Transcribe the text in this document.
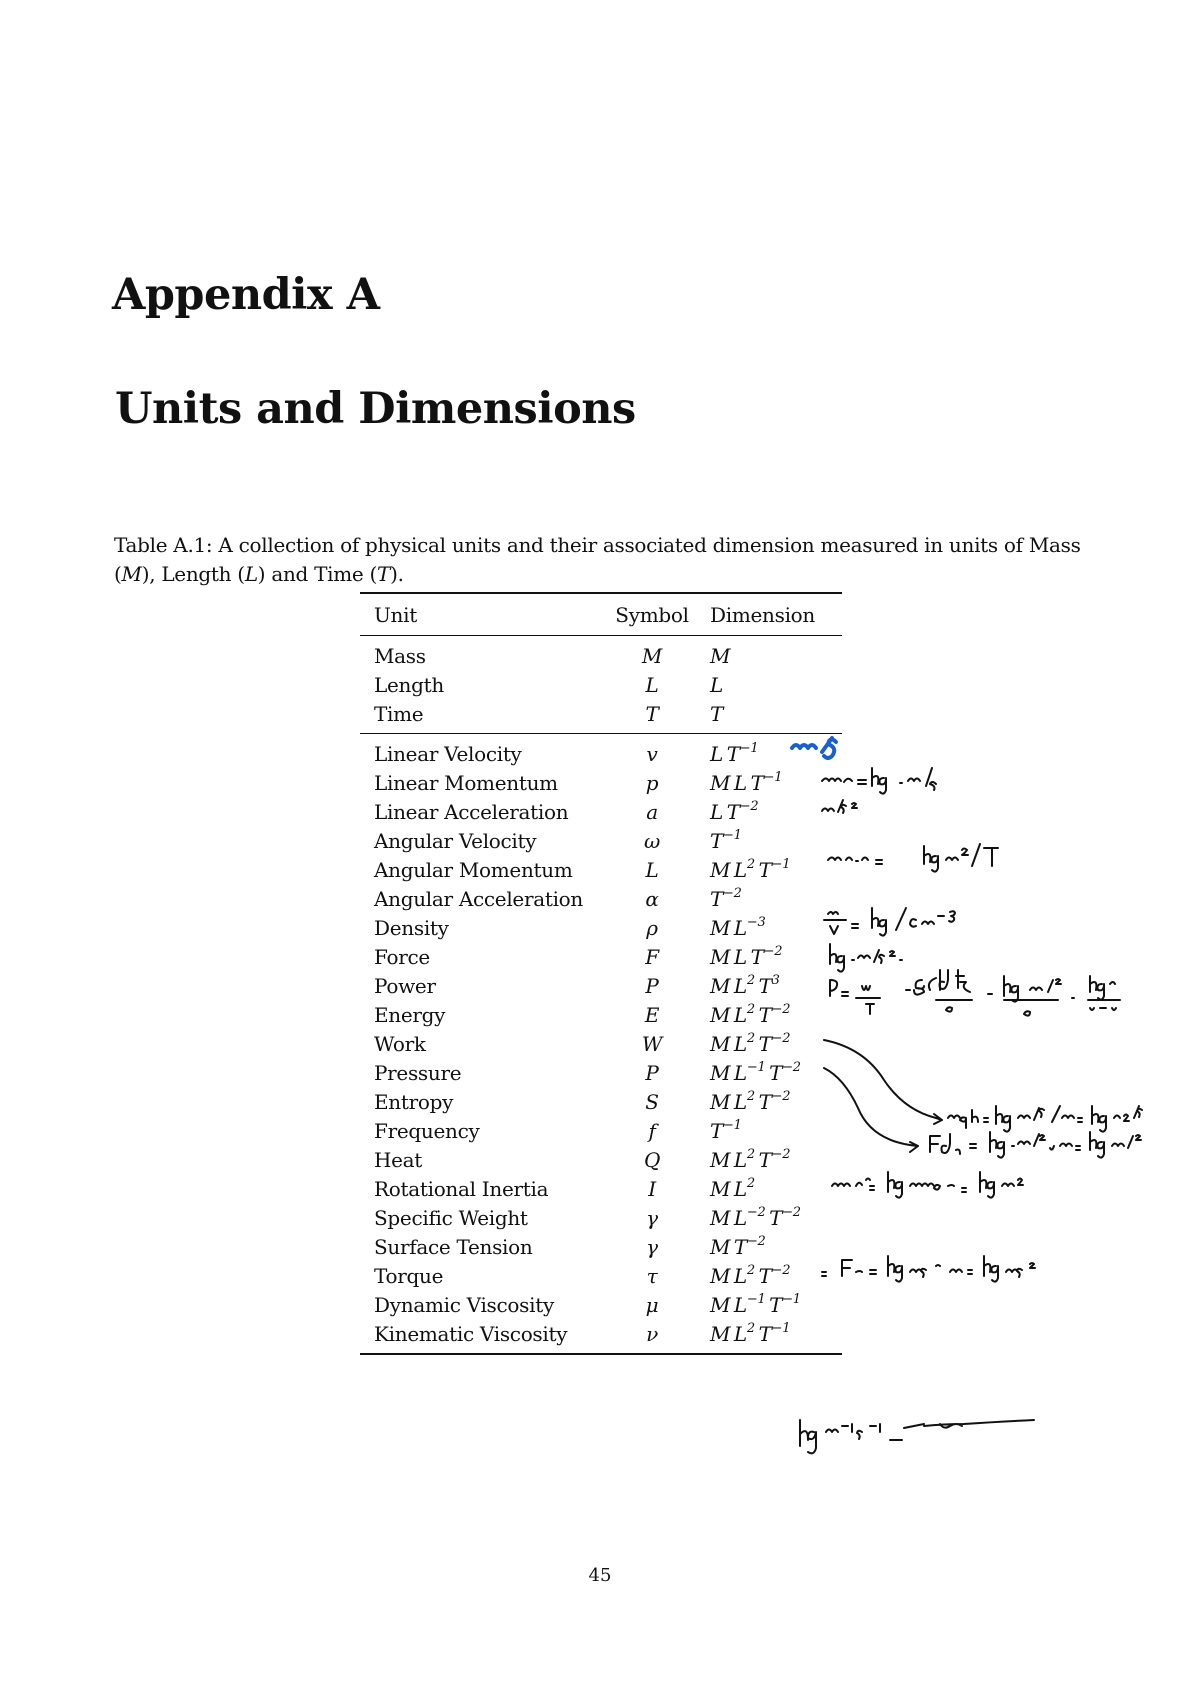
Appendix A
Units and Dimensions
Table A.1: A collection of physical units and their associated dimension measured in units of Mass (M), Length (L) and Time (T).
Unit	Symbol	Dimension
Mass	M	M
Length	L	L
Time	T	T
Linear Velocity	v	L  $T^{-1}$
Linear Momentum	p	M  L  $T^{-1}$
Linear Acceleration	a	L  $T^{-2}$
Angular Velocity	ω	$T^{-1}$
Angular Momentum	L	M  $L^2$  $T^{-1}$
Angular Acceleration	α	$T^{-2}$
Density	ρ	M  $L^{-3}$
Force	F	M  L  $T^{-2}$
Power	P	M  $L^2$  $T^3$
Energy	E	M  $L^2$  $T^{-2}$
Work	W	M  $L^2$  $T^{-2}$
Pressure	P	M  $L^{-1}$  $T^{-2}$
Entropy	S	M  $L^2$  $T^{-2}$
Frequency	f	$T^{-1}$
Heat	Q	M  $L^2$  $T^{-2}$
Rotational Inertia	I	M  $L^2$
Specific Weight	γ	M  $L^{-2}$  $T^{-2}$
Surface Tension	γ	M  $T^{-2}$
Torque	τ	M  $L^2$  $T^{-2}$
Dynamic Viscosity	μ	M  $L^{-1}$  $T^{-1}$
Kinematic Viscosity	ν	M  $L^2$  $T^{-1}$
45
